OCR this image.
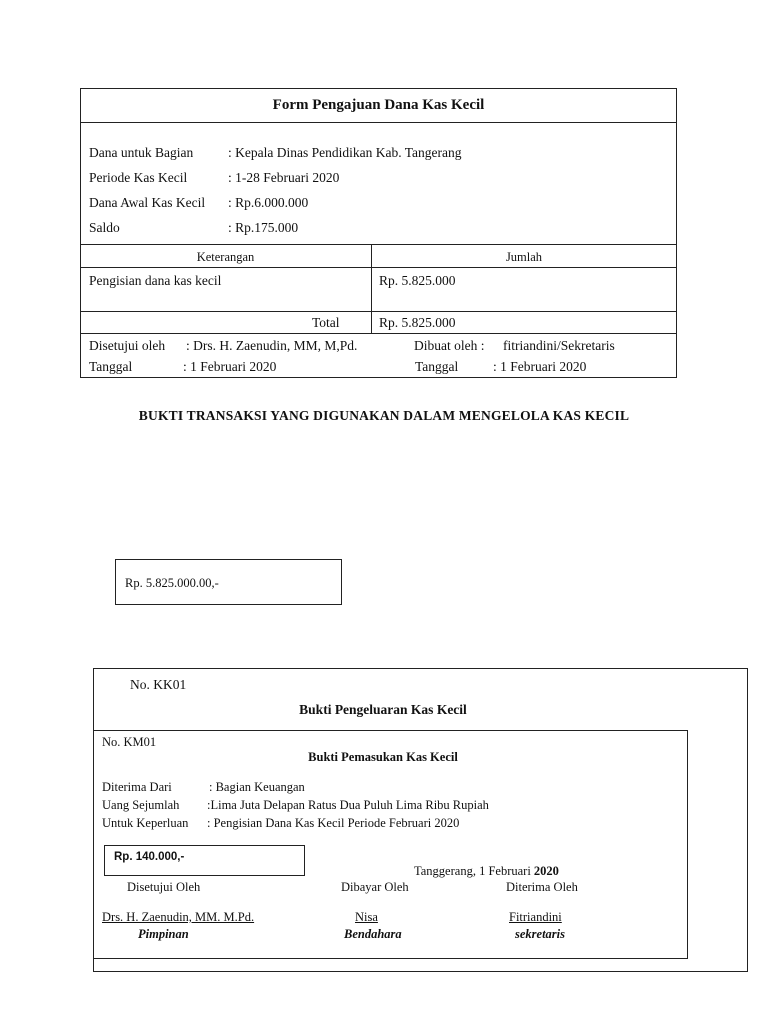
Form Pengajuan Dana Kas Kecil
Dana untuk Bagian	: Kepala Dinas Pendidikan Kab. Tangerang
Periode Kas Kecil	: 1-28 Februari 2020
Dana Awal Kas Kecil : Rp.6.000.000
Saldo	: Rp.175.000
Keterangan	Jumlah
Pengisian dana kas kecil	Rp. 5.825.000
Total	Rp. 5.825.000
Disetujui oleh : Drs. H. Zaenudin, MM, M,Pd.	Dibuat oleh : fitriandini/Sekretaris
Tanggal	: 1 Februari 2020	Tanggal	: 1 Februari 2020
BUKTI TRANSAKSI YANG DIGUNAKAN DALAM MENGELOLA KAS KECIL
Rp. 5.825.000.00,-
No. KK01
Bukti Pengeluaran Kas Kecil
No. KM01
Bukti Pemasukan Kas Kecil
Diterima Dari	: Bagian Keuangan
Uang Sejumlah :Lima Juta Delapan Ratus Dua Puluh Lima Ribu Rupiah
Untuk Keperluan : Pengisian Dana Kas Kecil Periode Februari 2020
Rp. 140.000,-
Tanggerang, 1 Februari 2020
Disetujui Oleh	Dibayar Oleh	Diterima Oleh
Drs. H. Zaenudin, MM. M.Pd.	Nisa	Fitriandini
Pimpinan	Bendahara	sekretaris
